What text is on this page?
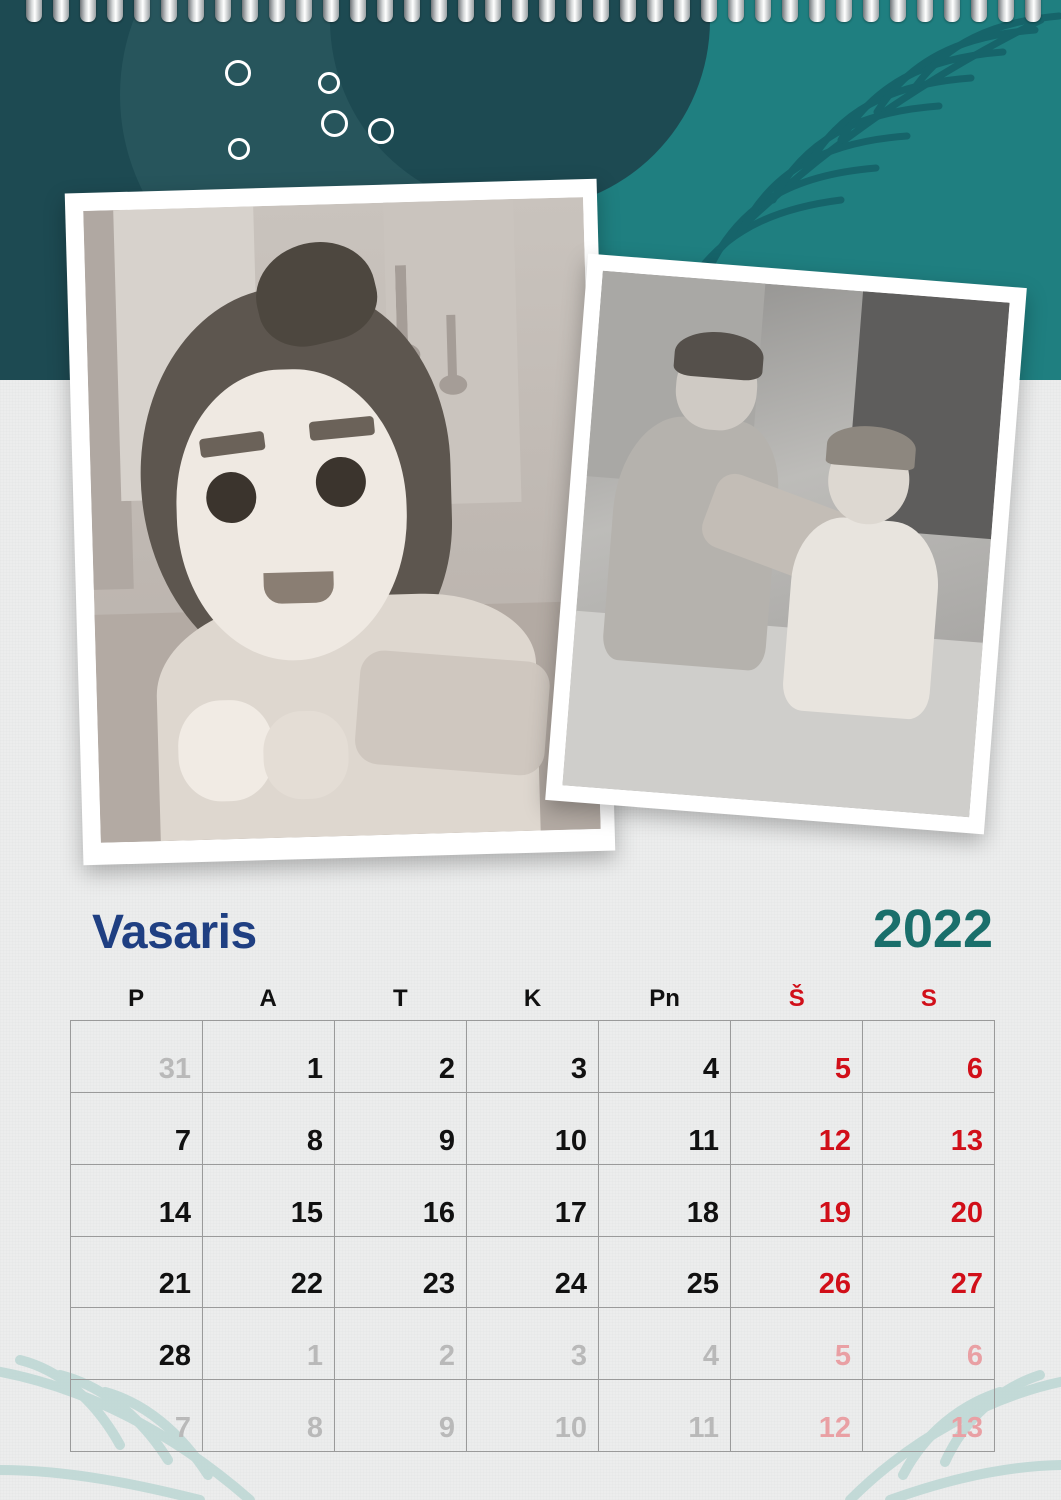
Vasaris	2022
P	A	T	K	Pn	Š	S
31	1	2	3	4	5	6
7	8	9	10	11	12	13
14	15	16	17	18	19	20
21	22	23	24	25	26	27
28	1	2	3	4	5	6
7	8	9	10	11	12	13
